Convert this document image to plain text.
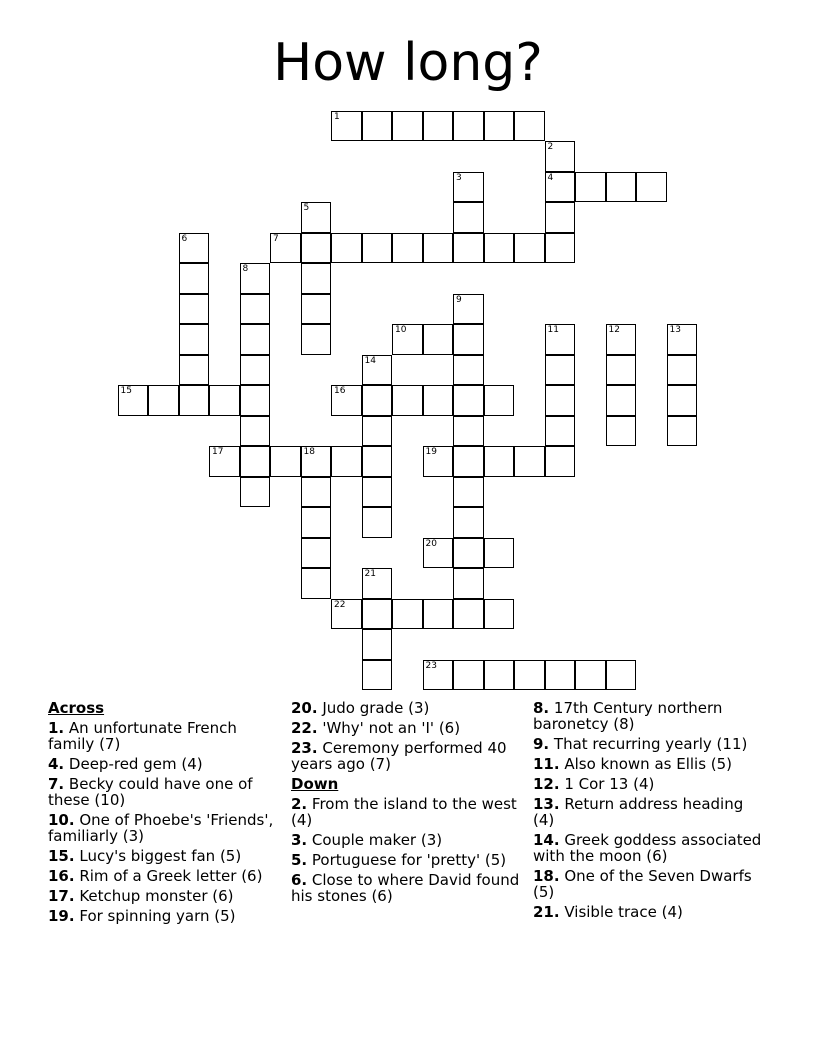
How long?
1
2
3	4
5
6	7
8
9
10	11	12	13
14
15	16
17	18	19
20
21
22
23
Across
1. An unfortunate French family (7)
4. Deep-red gem (4)
7. Becky could have one of these (10)
10. One of Phoebe's 'Friends', familiarly (3)
15. Lucy's biggest fan (5)
16. Rim of a Greek letter (6)
17. Ketchup monster (6)
19. For spinning yarn (5)
20. Judo grade (3)
22. 'Why' not an 'I' (6)
23. Ceremony performed 40 years ago (7)
Down
2. From the island to the west (4)
3. Couple maker (3)
5. Portuguese for 'pretty' (5)
6. Close to where David found his stones (6)
8. 17th Century northern baronetcy (8)
9. That recurring yearly (11)
11. Also known as Ellis (5)
12. 1 Cor 13 (4)
13. Return address heading (4)
14. Greek goddess associated with the moon (6)
18. One of the Seven Dwarfs (5)
21. Visible trace (4)
